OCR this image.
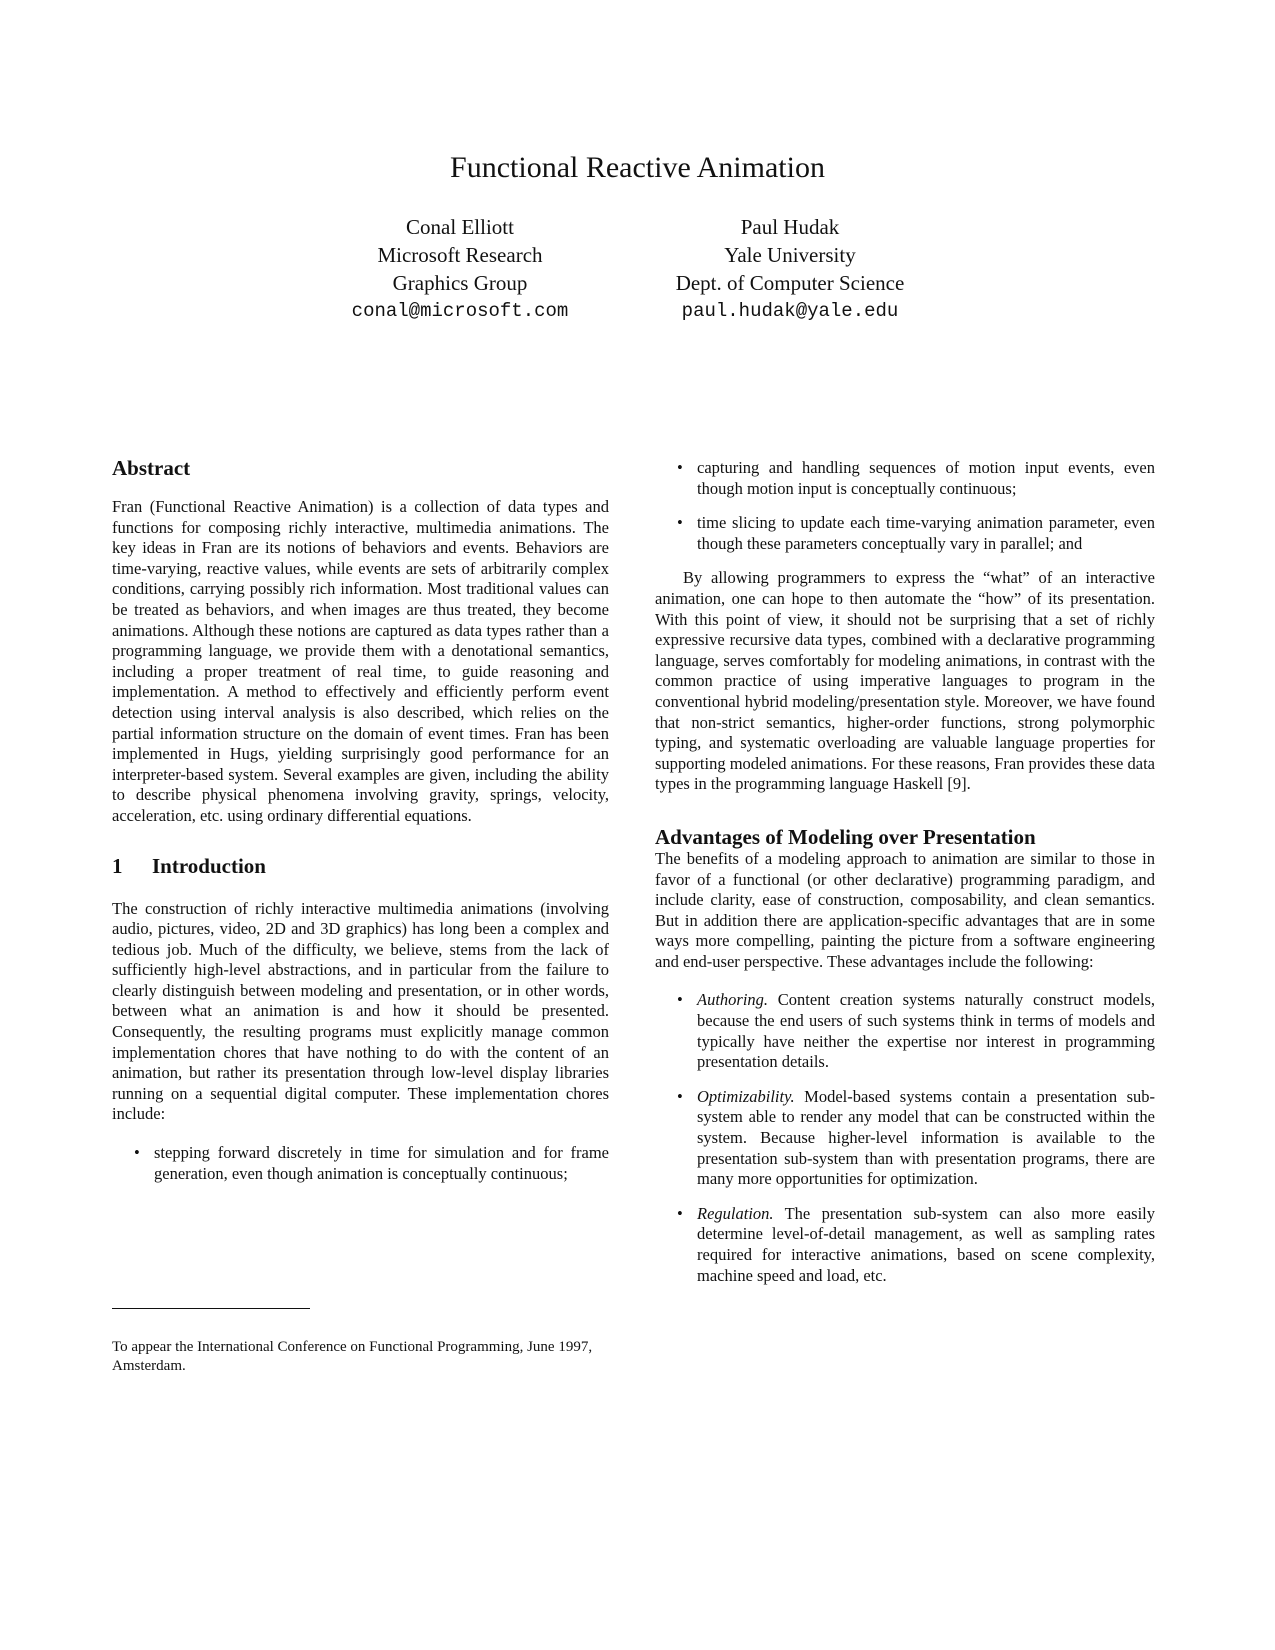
Functional Reactive Animation
Conal Elliott
Microsoft Research
Graphics Group
conal@microsoft.com
Paul Hudak
Yale University
Dept. of Computer Science
paul.hudak@yale.edu
Abstract

Fran (Functional Reactive Animation) is a collection of data types and functions for composing richly interactive, multimedia animations. The key ideas in Fran are its notions of behaviors and events. Behaviors are time-varying, reactive values, while events are sets of arbitrarily complex conditions, carrying possibly rich information. Most traditional values can be treated as behaviors, and when images are thus treated, they become animations. Although these notions are captured as data types rather than a programming language, we provide them with a denotational semantics, including a proper treatment of real time, to guide reasoning and implementation. A method to effectively and efficiently perform event detection using interval analysis is also described, which relies on the partial information structure on the domain of event times. Fran has been implemented in Hugs, yielding surprisingly good performance for an interpreter-based system. Several examples are given, including the ability to describe physical phenomena involving gravity, springs, velocity, acceleration, etc. using ordinary differential equations.

1 Introduction

The construction of richly interactive multimedia animations (involving audio, pictures, video, 2D and 3D graphics) has long been a complex and tedious job. Much of the difficulty, we believe, stems from the lack of sufficiently high-level abstractions, and in particular from the failure to clearly distinguish between modeling and presentation, or in other words, between what an animation is and how it should be presented. Consequently, the resulting programs must explicitly manage common implementation chores that have nothing to do with the content of an animation, but rather its presentation through low-level display libraries running on a sequential digital computer. These implementation chores include:

• stepping forward discretely in time for simulation and for frame generation, even though animation is conceptually continuous;
• capturing and handling sequences of motion input events, even though motion input is conceptually continuous;
• time slicing to update each time-varying animation parameter, even though these parameters conceptually vary in parallel; and

By allowing programmers to express the “what” of an interactive animation, one can hope to then automate the “how” of its presentation. With this point of view, it should not be surprising that a set of richly expressive recursive data types, combined with a declarative programming language, serves comfortably for modeling animations, in contrast with the common practice of using imperative languages to program in the conventional hybrid modeling/presentation style. Moreover, we have found that non-strict semantics, higher-order functions, strong polymorphic typing, and systematic overloading are valuable language properties for supporting modeled animations. For these reasons, Fran provides these data types in the programming language Haskell [9].

Advantages of Modeling over Presentation

The benefits of a modeling approach to animation are similar to those in favor of a functional (or other declarative) programming paradigm, and include clarity, ease of construction, composability, and clean semantics. But in addition there are application-specific advantages that are in some ways more compelling, painting the picture from a software engineering and end-user perspective. These advantages include the following:

• Authoring. Content creation systems naturally construct models, because the end users of such systems think in terms of models and typically have neither the expertise nor interest in programming presentation details.
• Optimizability. Model-based systems contain a presentation sub-system able to render any model that can be constructed within the system. Because higher-level information is available to the presentation sub-system than with presentation programs, there are many more opportunities for optimization.
• Regulation. The presentation sub-system can also more easily determine level-of-detail management, as well as sampling rates required for interactive animations, based on scene complexity, machine speed and load, etc.
To appear the International Conference on Functional Programming, June 1997, Amsterdam.
